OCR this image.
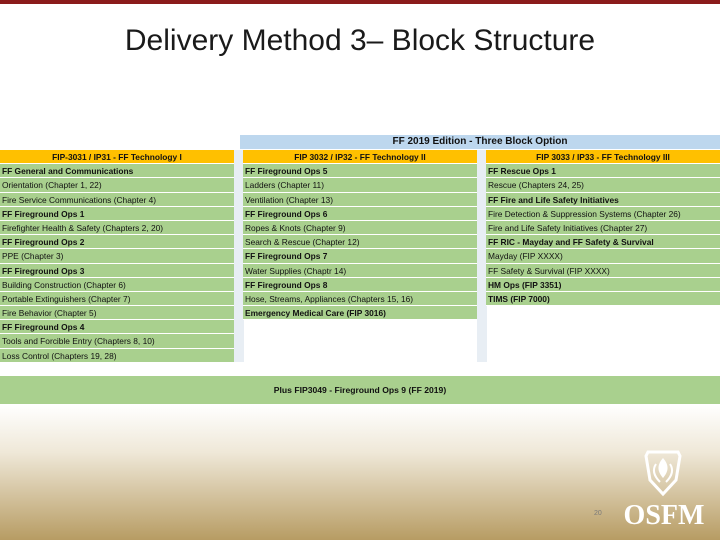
Delivery Method 3– Block Structure
FF 2019 Edition - Three Block Option
FIP-3031 / IP31 - FF Technology I
FF General and Communications
Orientation (Chapter 1, 22)
Fire Service Communications (Chapter 4)
FF Fireground Ops 1
Firefighter Health & Safety (Chapters 2, 20)
FF Fireground Ops 2
PPE (Chapter 3)
FF Fireground Ops 3
Building Construction (Chapter 6)
Portable Extinguishers (Chapter 7)
Fire Behavior (Chapter 5)
FF Fireground Ops 4
Tools and Forcible Entry (Chapters 8, 10)
Loss Control (Chapters 19, 28)
FIP 3032 / IP32 - FF Technology II
FF Fireground Ops 5
Ladders (Chapter 11)
Ventilation (Chapter 13)
FF Fireground Ops 6
Ropes & Knots (Chapter 9)
Search & Rescue (Chapter 12)
FF Fireground Ops 7
Water Supplies (Chaptr 14)
FF Fireground Ops 8
Hose, Streams, Appliances (Chapters 15, 16)
Emergency Medical Care (FIP 3016)
FIP 3033 / IP33 - FF Technology III
FF Rescue Ops 1
Rescue (Chapters 24, 25)
FF Fire and Life Safety Initiatives
Fire Detection & Suppression Systems (Chapter 26)
Fire and Life Safety Initiatives (Chapter 27)
FF RIC - Mayday and FF Safety & Survival
Mayday (FIP XXXX)
FF Safety & Survival (FIP XXXX)
HM Ops (FIP 3351)
TIMS (FIP 7000)
Plus FIP3049 - Fireground Ops 9 (FF 2019)
20 OSFM
